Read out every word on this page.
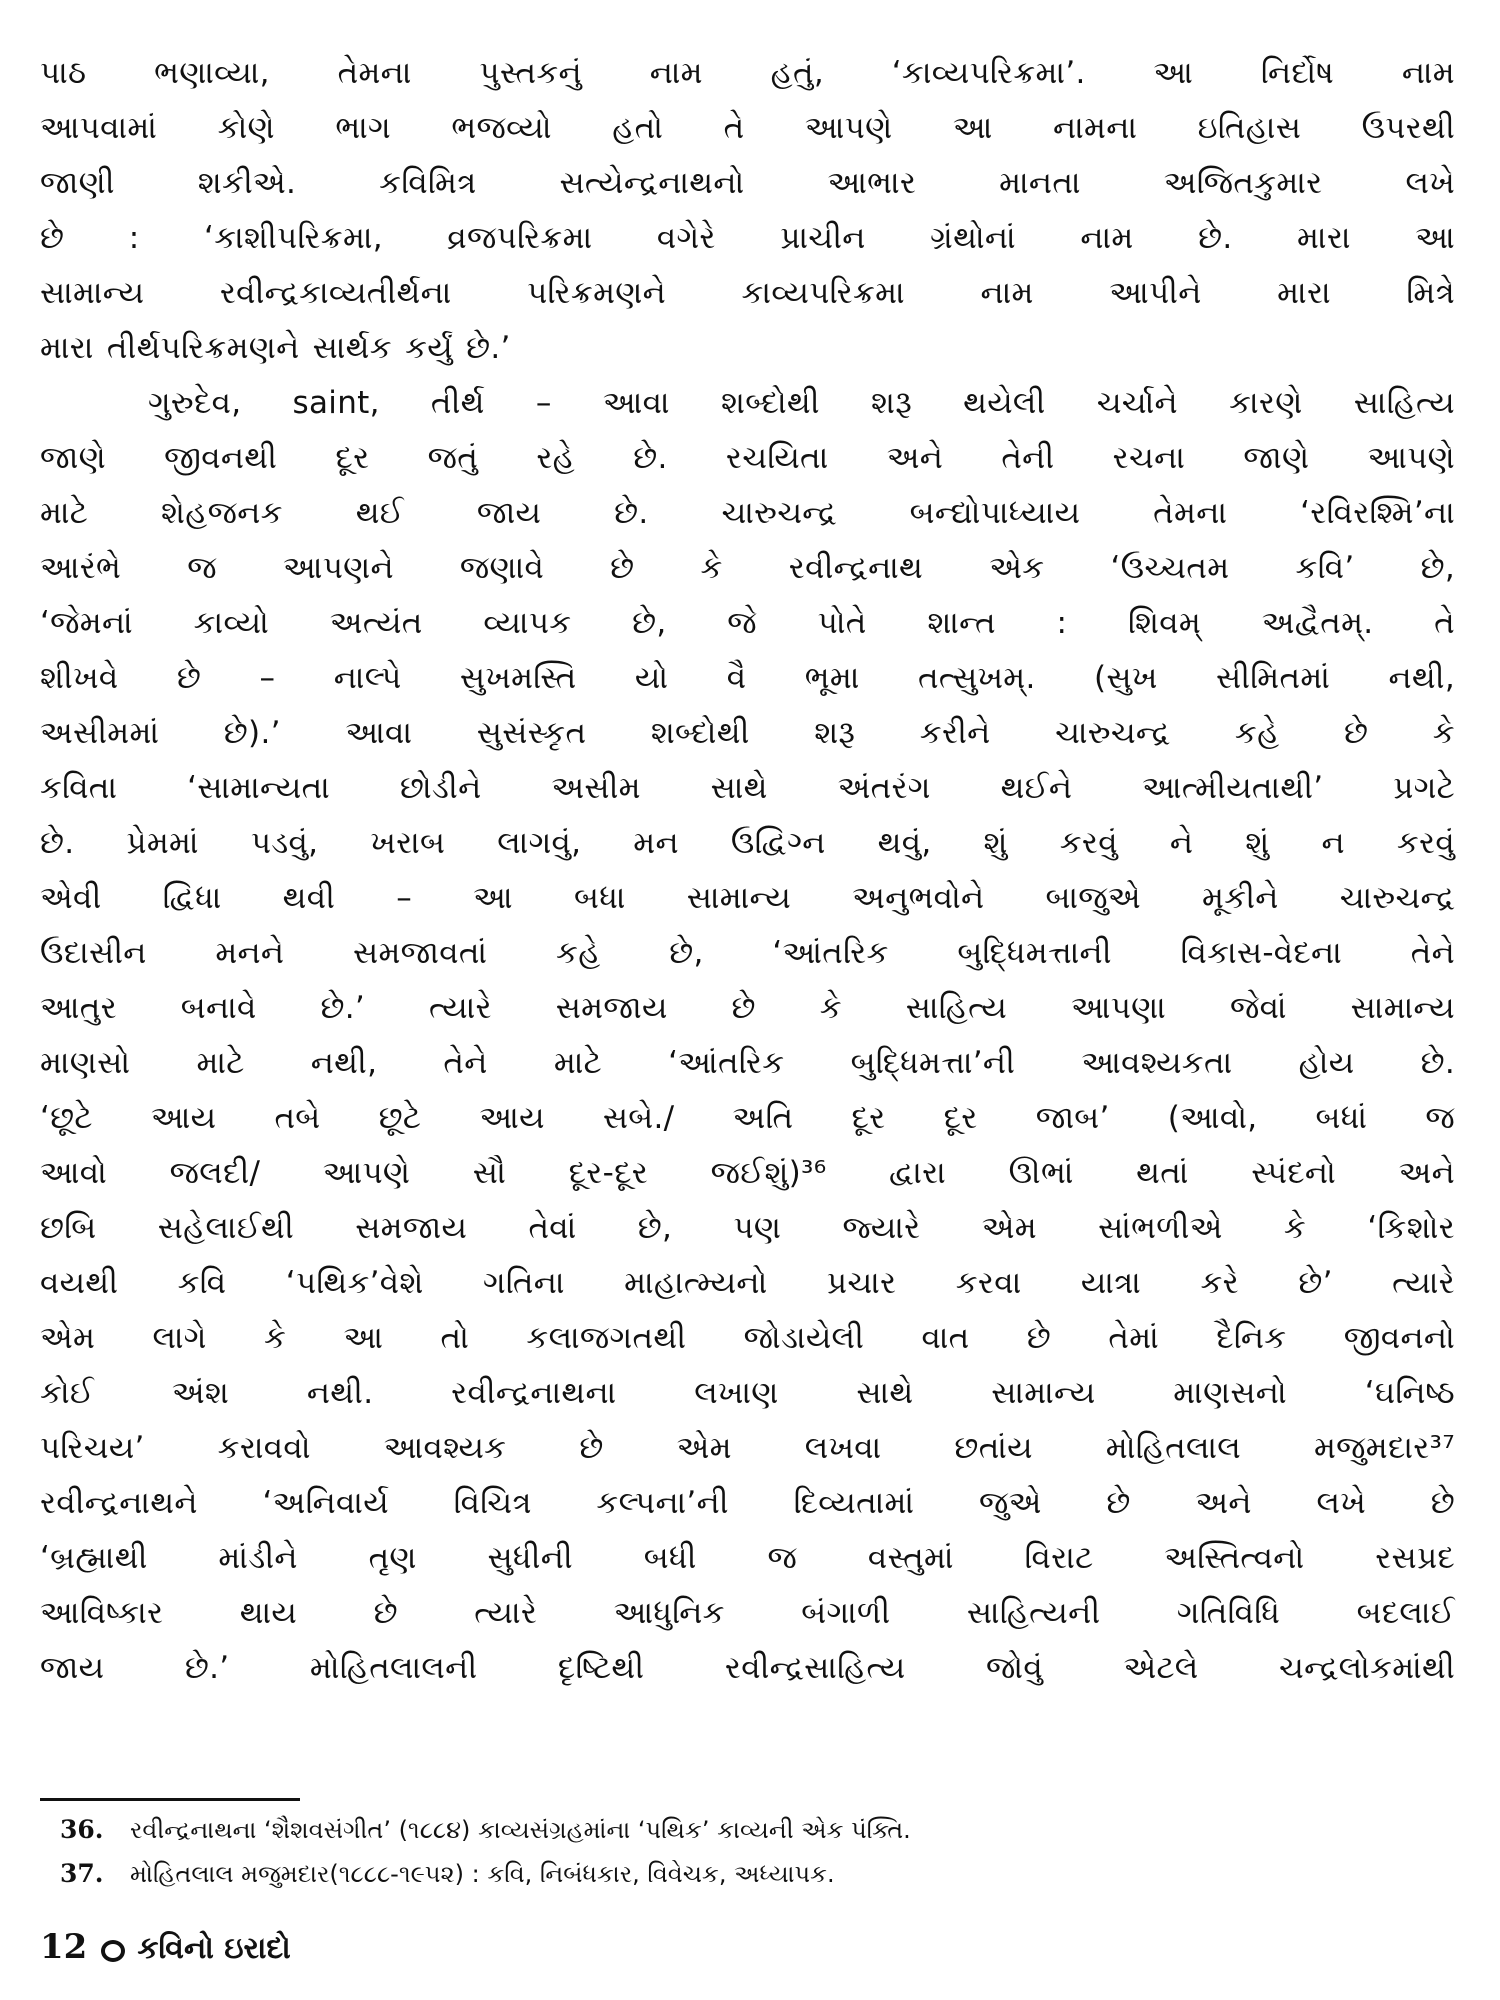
પાઠ ભણાવ્યા, તેમના પુસ્તકનું નામ હતું, ‘કાવ્યપરિક્રમા’. આ નિર્દોષ નામ
આપવામાં કોણે ભાગ ભજવ્યો હતો તે આપણે આ નામના ઇતિહાસ ઉપરથી
જાણી શકીએ. કવિમિત્ર સત્યેન્દ્રનાથનો આભાર માનતા અજિતકુમાર લખે
છે : ‘કાશીપરિક્રમા, વ્રજપરિક્રમા વગેરે પ્રાચીન ગ્રંથોનાં નામ છે. મારા આ
સામાન્ય રવીન્દ્રકાવ્યતીર્થના પરિક્રમણને કાવ્યપરિક્રમા નામ આપીને મારા મિત્રે
મારા તીર્થપરિક્રમણને સાર્થક કર્યું છે.’
ગુરુદેવ, saint, તીર્થ – આવા શબ્દોથી શરૂ થયેલી ચર્ચાને કારણે સાહિત્ય
જાણે જીવનથી દૂર જતું રહે છે. રચયિતા અને તેની રચના જાણે આપણે
માટે શેહજનક થઈ જાય છે. ચારુચન્દ્ર બન્દ્યોપાધ્યાય તેમના ‘રવિરશ્મિ’ના
આરંભે જ આપણને જણાવે છે કે રવીન્દ્રનાથ એક ‘ઉચ્ચતમ કવિ’ છે,
‘જેમનાં કાવ્યો અત્યંત વ્યાપક છે, જે પોતે શાન્ત : શિવમ્ અદ્વૈતમ્. તે
શીખવે છે – નાલ્પે સુખમસ્તિ યો વૈ ભૂમા તત્સુખમ્. (સુખ સીમિતમાં નથી,
અસીમમાં છે).’ આવા સુસંસ્કૃત શબ્દોથી શરૂ કરીને ચારુચન્દ્ર કહે છે કે
કવિતા ‘સામાન્યતા છોડીને અસીમ સાથે અંતરંગ થઈને આત્મીયતાથી’ પ્રગટે
છે. પ્રેમમાં પડવું, ખરાબ લાગવું, મન ઉદ્વિગ્ન થવું, શું કરવું ને શું ન કરવું
એવી દ્વિધા થવી – આ બધા સામાન્ય અનુભવોને બાજુએ મૂકીને ચારુચન્દ્ર
ઉદાસીન મનને સમજાવતાં કહે છે, ‘આંતરિક બુદ્ધિમત્તાની વિકાસ-વેદના તેને
આતુર બનાવે છે.’ ત્યારે સમજાય છે કે સાહિત્ય આપણા જેવાં સામાન્ય
માણસો માટે નથી, તેને માટે ‘આંતરિક બુદ્ધિમત્તા’ની આવશ્યકતા હોય છે.
‘છૂટે આય તબે છૂટે આય સબે./ અતિ દૂર દૂર જાબ’ (આવો, બધાં જ
આવો જલદી/ આપણે સૌ દૂર-દૂર જઈશું)³⁶ દ્વારા ઊભાં થતાં સ્પંદનો અને
છબિ સહેલાઈથી સમજાય તેવાં છે, પણ જ્યારે એમ સાંભળીએ કે ‘કિશોર
વયથી કવિ ‘પથિક’વેશે ગતિના માહાત્મ્યનો પ્રચાર કરવા યાત્રા કરે છે’ ત્યારે
એમ લાગે કે આ તો કલાજગતથી જોડાયેલી વાત છે તેમાં દૈનિક જીવનનો
કોઈ અંશ નથી. રવીન્દ્રનાથના લખાણ સાથે સામાન્ય માણસનો ‘ઘનિષ્ઠ
પરિચય’ કરાવવો આવશ્યક છે એમ લખવા છતાંય મોહિતલાલ મજુમદાર³⁷
રવીન્દ્રનાથને ‘અનિવાર્ય વિચિત્ર કલ્પના’ની દિવ્યતામાં જુએ છે અને લખે છે
‘બ્રહ્માથી માંડીને તૃણ સુધીની બધી જ વસ્તુમાં વિરાટ અસ્તિત્વનો રસપ્રદ
આવિષ્કાર થાય છે ત્યારે આધુનિક બંગાળી સાહિત્યની ગતિવિધિ બદલાઈ
જાય છે.’ મોહિતલાલની દૃષ્ટિથી રવીન્દ્રસાહિત્ય જોવું એટલે ચન્દ્રલોકમાંથી
36. રવીન્દ્રનાથના ‘શૈશવસંગીત’ (૧૮૮૪) કાવ્યસંગ્રહમાંના ‘પથિક’ કાવ્યની એક પંક્તિ.
37. મોહિતલાલ મજુમદાર(૧૮૮૮-૧૯૫૨) : કવિ, નિબંધકાર, વિવેચક, અધ્યાપક.
12 કવિનો ઇરાદો
